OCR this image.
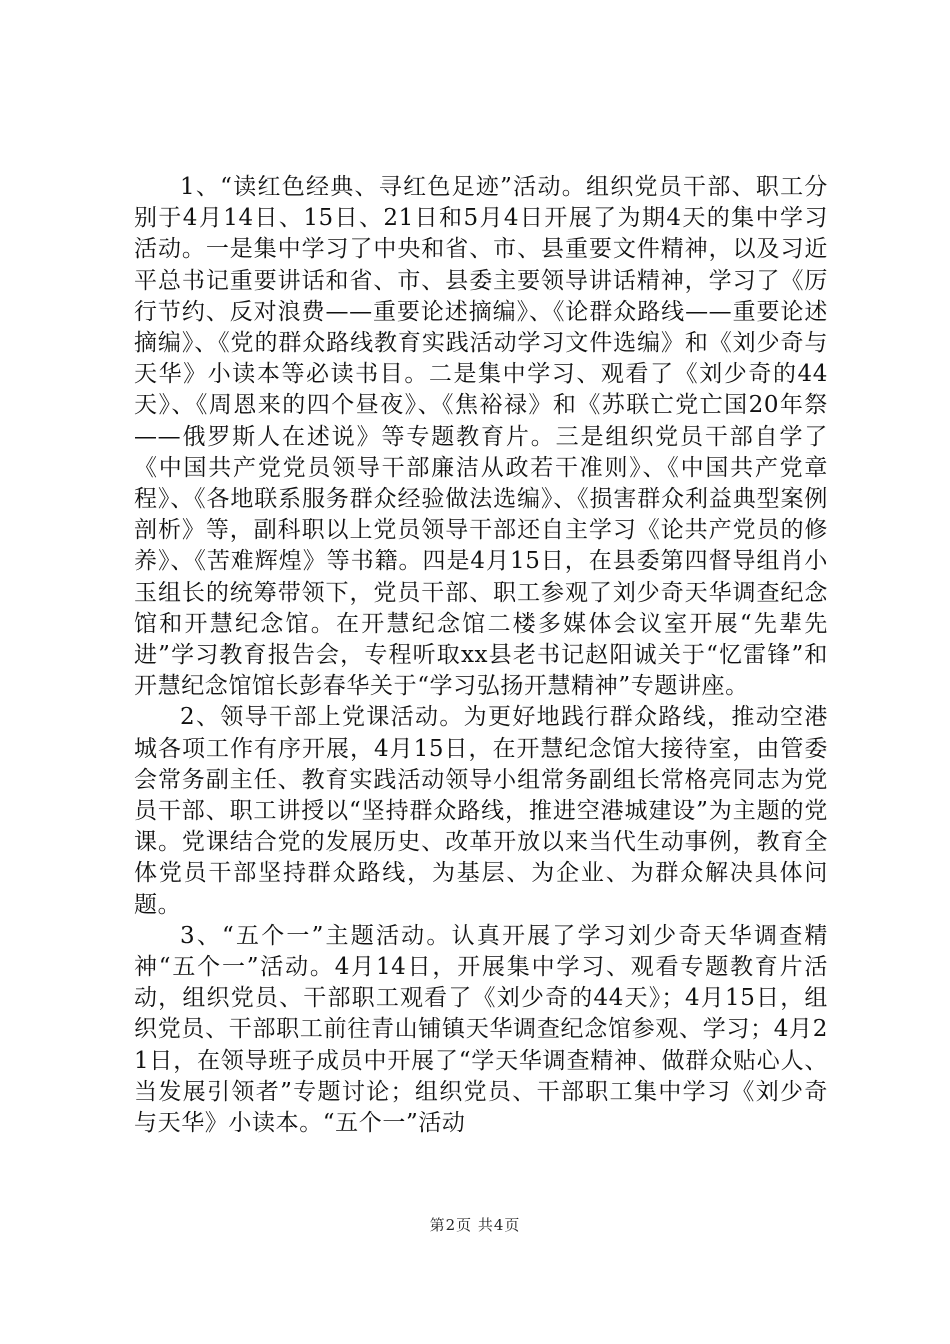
1、“读红色经典、寻红色足迹”活动。组织党员干部、职工分别于4月14日、15日、21日和5月4日开展了为期4天的集中学习活动。一是集中学习了中央和省、市、县重要文件精神，以及习近平总书记重要讲话和省、市、县委主要领导讲话精神，学习了《厉行节约、反对浪费——重要论述摘编》、《论群众路线——重要论述摘编》、《党的群众路线教育实践活动学习文件选编》和《刘少奇与天华》小读本等必读书目。二是集中学习、观看了《刘少奇的44天》、《周恩来的四个昼夜》、《焦裕禄》和《苏联亡党亡国20年祭——俄罗斯人在述说》等专题教育片。三是组织党员干部自学了《中国共产党党员领导干部廉洁从政若干准则》、《中国共产党章程》、《各地联系服务群众经验做法选编》、《损害群众利益典型案例剖析》等，副科职以上党员领导干部还自主学习《论共产党员的修养》、《苦难辉煌》等书籍。四是4月15日，在县委第四督导组肖小玉组长的统筹带领下，党员干部、职工参观了刘少奇天华调查纪念馆和开慧纪念馆。在开慧纪念馆二楼多媒体会议室开展“先辈先进”学习教育报告会，专程听取xx县老书记赵阳诚关于“忆雷锋”和开慧纪念馆馆长彭春华关于“学习弘扬开慧精神”专题讲座。

2、领导干部上党课活动。为更好地践行群众路线，推动空港城各项工作有序开展，4月15日，在开慧纪念馆大接待室，由管委会常务副主任、教育实践活动领导小组常务副组长常格亮同志为党员干部、职工讲授以“坚持群众路线，推进空港城建设”为主题的党课。党课结合党的发展历史、改革开放以来当代生动事例，教育全体党员干部坚持群众路线，为基层、为企业、为群众解决具体问题。

3、“五个一”主题活动。认真开展了学习刘少奇天华调查精神“五个一”活动。4月14日，开展集中学习、观看专题教育片活动，组织党员、干部职工观看了《刘少奇的44天》；4月15日，组织党员、干部职工前往青山铺镇天华调查纪念馆参观、学习；4月21日，在领导班子成员中开展了“学天华调查精神、做群众贴心人、当发展引领者”专题讨论；组织党员、干部职工集中学习《刘少奇与天华》小读本。“五个一”活动

第2页 共4页
